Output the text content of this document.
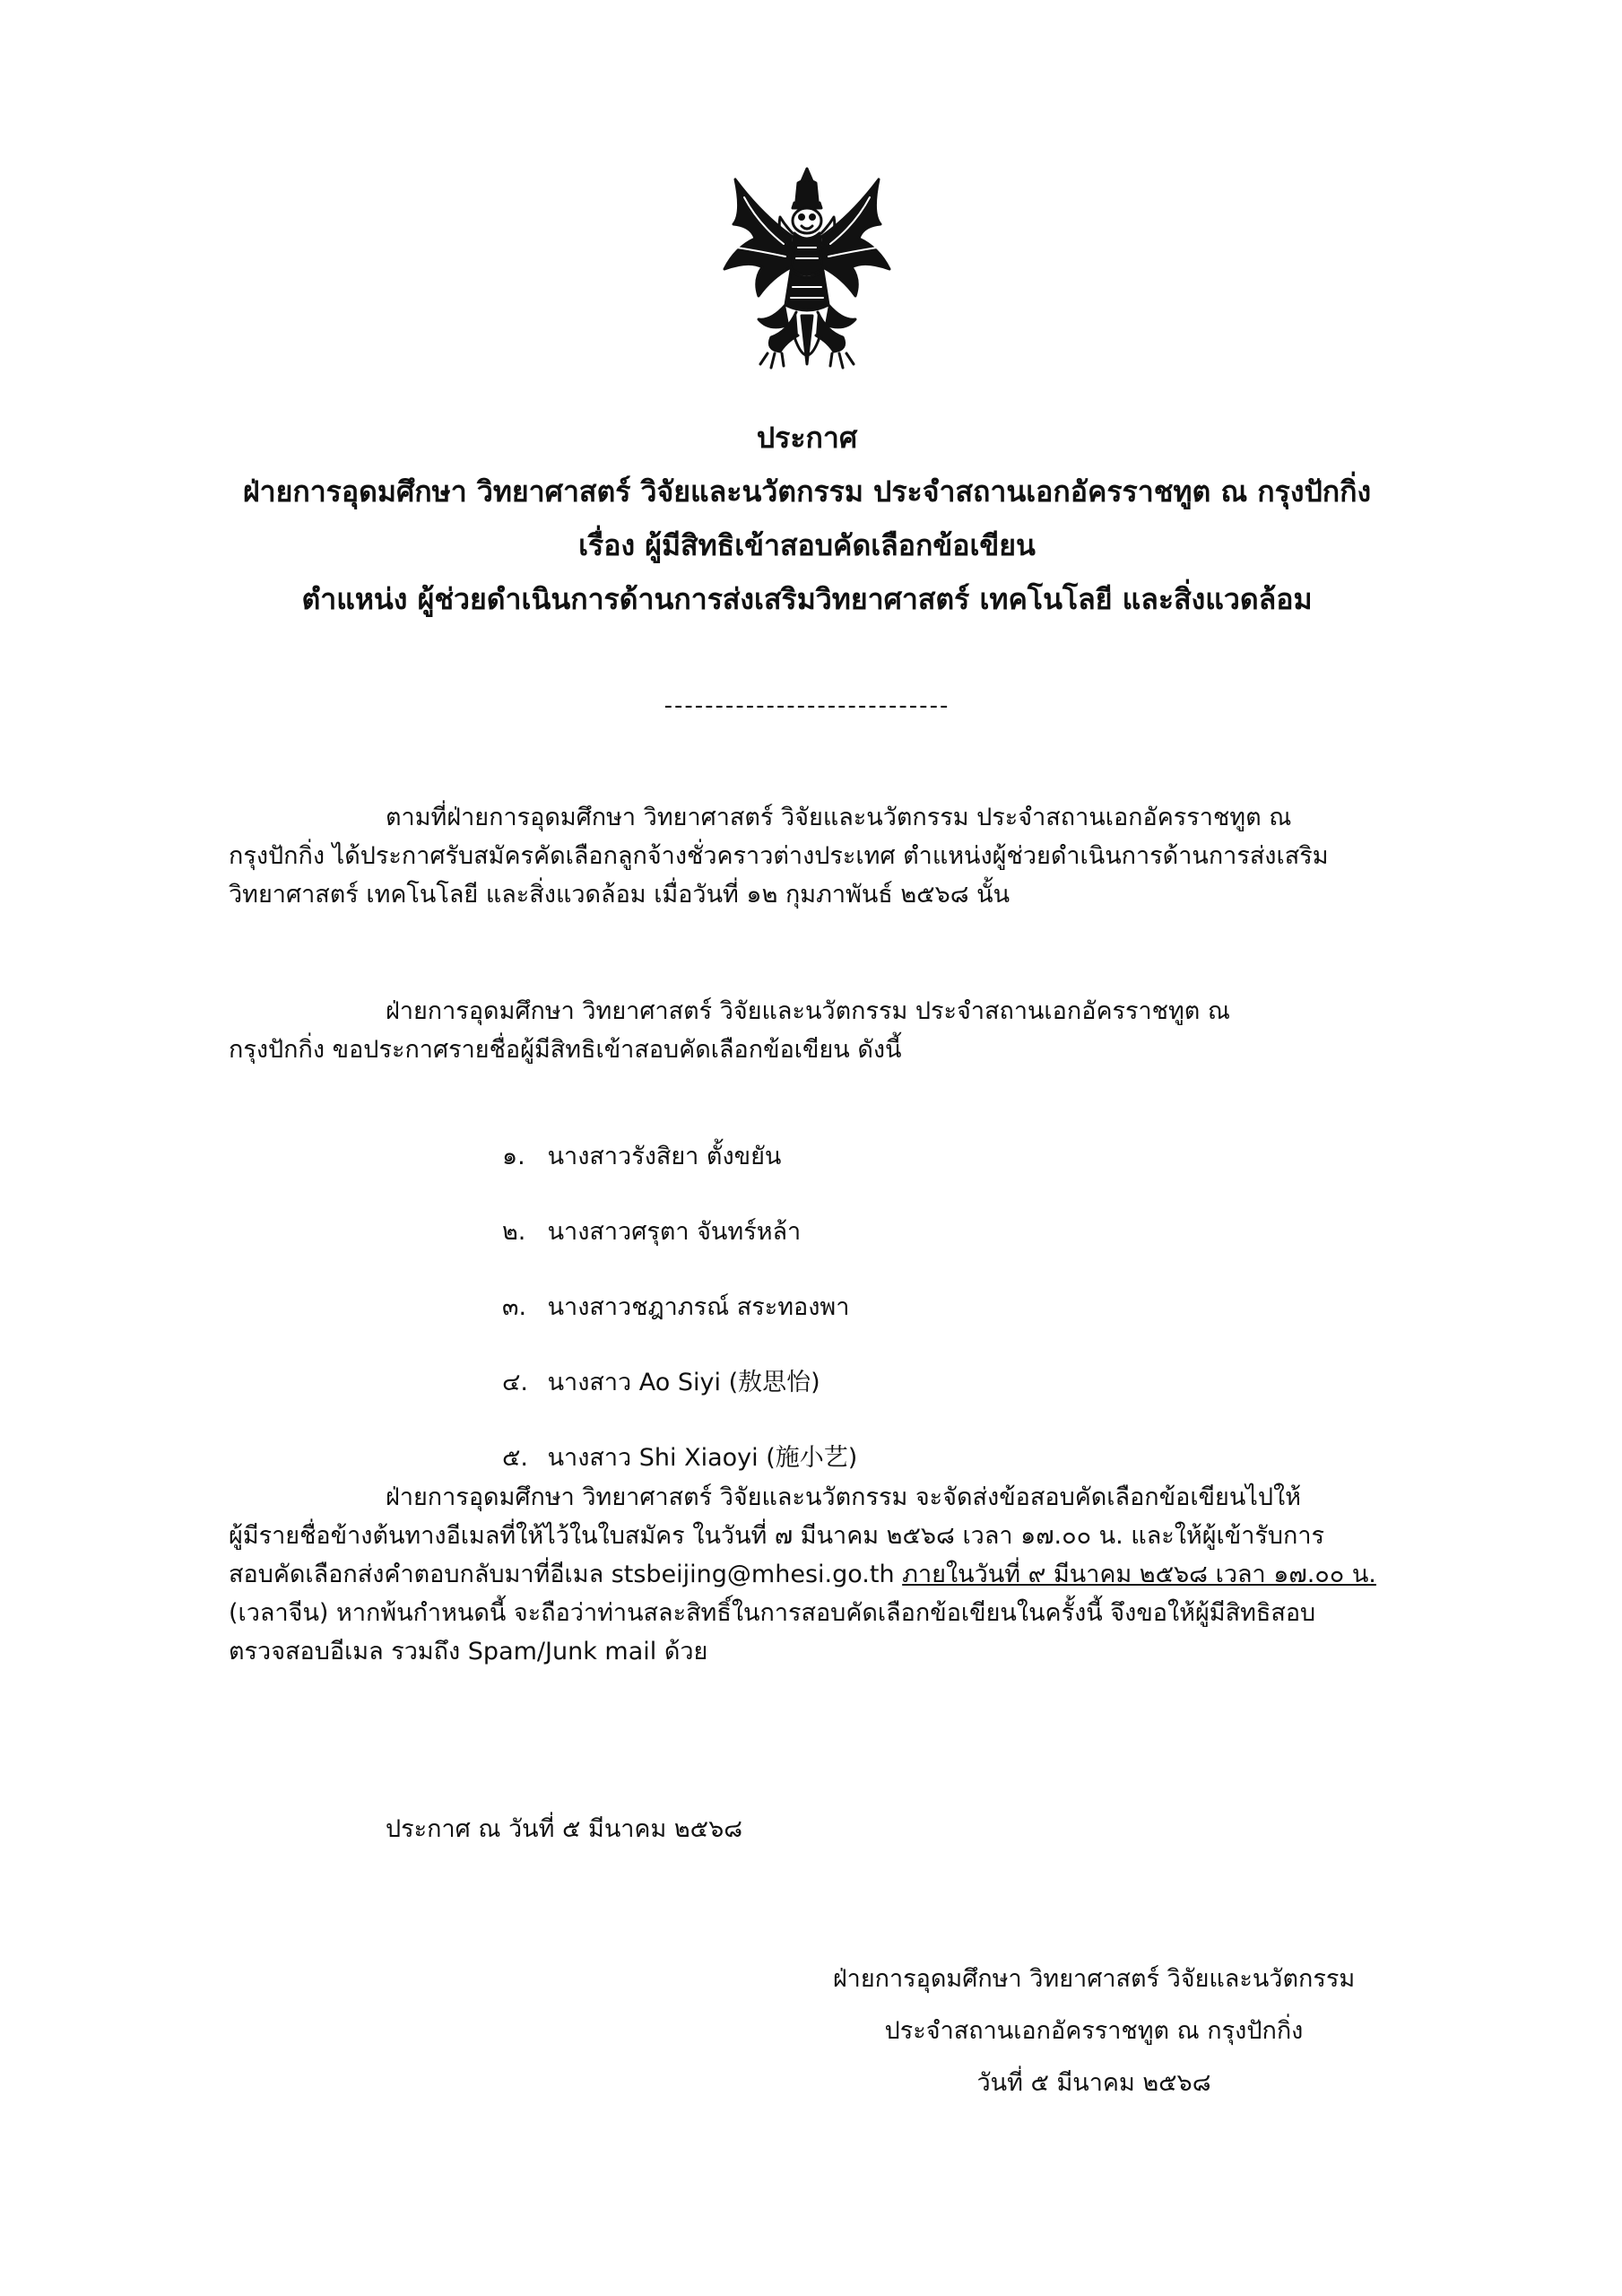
ประกาศ
ฝ่ายการอุดมศึกษา วิทยาศาสตร์ วิจัยและนวัตกรรม ประจำสถานเอกอัครราชทูต ณ กรุงปักกิ่ง
เรื่อง ผู้มีสิทธิเข้าสอบคัดเลือกข้อเขียน
ตำแหน่ง ผู้ช่วยดำเนินการด้านการส่งเสริมวิทยาศาสตร์ เทคโนโลยี และสิ่งแวดล้อม
----------------------------
ตามที่ฝ่ายการอุดมศึกษา วิทยาศาสตร์ วิจัยและนวัตกรรม ประจำสถานเอกอัครราชทูต ณ
กรุงปักกิ่ง ได้ประกาศรับสมัครคัดเลือกลูกจ้างชั่วคราวต่างประเทศ ตำแหน่งผู้ช่วยดำเนินการด้านการส่งเสริม
วิทยาศาสตร์ เทคโนโลยี และสิ่งแวดล้อม เมื่อวันที่ ๑๒ กุมภาพันธ์ ๒๕๖๘ นั้น
ฝ่ายการอุดมศึกษา วิทยาศาสตร์ วิจัยและนวัตกรรม ประจำสถานเอกอัครราชทูต ณ
กรุงปักกิ่ง ขอประกาศรายชื่อผู้มีสิทธิเข้าสอบคัดเลือกข้อเขียน ดังนี้
๑. นางสาวรังสิยา ตั้งขยัน
๒. นางสาวศรุตา จันทร์หล้า
๓. นางสาวชฎาภรณ์ สระทองพา
๔. นางสาว Ao Siyi (敖思怡)
๕. นางสาว Shi Xiaoyi (施小艺)
ฝ่ายการอุดมศึกษา วิทยาศาสตร์ วิจัยและนวัตกรรม จะจัดส่งข้อสอบคัดเลือกข้อเขียนไปให้
ผู้มีรายชื่อข้างต้นทางอีเมลที่ให้ไว้ในใบสมัคร ในวันที่ ๗ มีนาคม ๒๕๖๘ เวลา ๑๗.๐๐ น. และให้ผู้เข้ารับการ
สอบคัดเลือกส่งคำตอบกลับมาที่อีเมล stsbeijing@mhesi.go.th ภายในวันที่ ๙ มีนาคม ๒๕๖๘ เวลา ๑๗.๐๐ น.
(เวลาจีน) หากพ้นกำหนดนี้ จะถือว่าท่านสละสิทธิ์ในการสอบคัดเลือกข้อเขียนในครั้งนี้ จึงขอให้ผู้มีสิทธิสอบ
ตรวจสอบอีเมล รวมถึง Spam/Junk mail ด้วย
ประกาศ ณ วันที่ ๕ มีนาคม ๒๕๖๘
ฝ่ายการอุดมศึกษา วิทยาศาสตร์ วิจัยและนวัตกรรม
ประจำสถานเอกอัครราชทูต ณ กรุงปักกิ่ง
วันที่ ๕ มีนาคม ๒๕๖๘
